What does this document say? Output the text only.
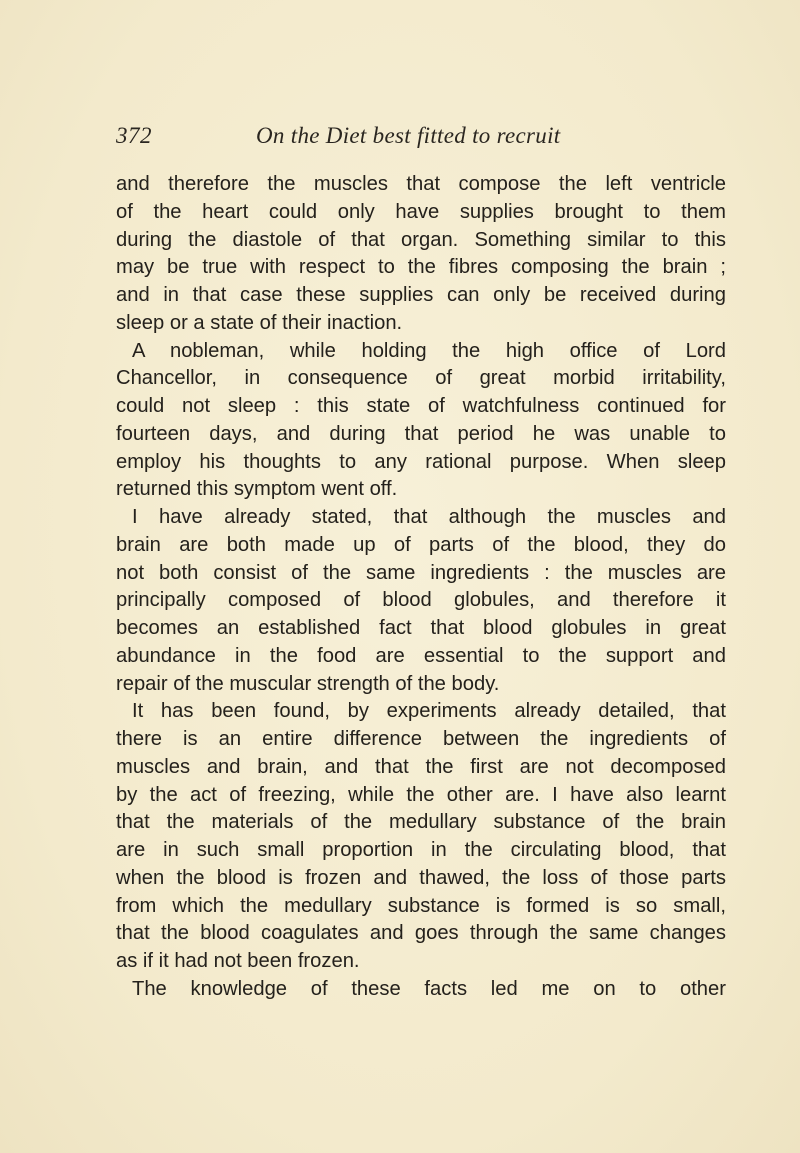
372	On the Diet best fitted to recruit
and therefore the muscles that compose the left ventricle
of the heart could only have supplies brought to them
during the diastole of that organ. Something similar to this
may be true with respect to the fibres composing the brain ;
and in that case these supplies can only be received during
sleep or a state of their inaction.
A nobleman, while holding the high office of Lord
Chancellor, in consequence of great morbid irritability,
could not sleep : this state of watchfulness continued for
fourteen days, and during that period he was unable to
employ his thoughts to any rational purpose. When sleep
returned this symptom went off.
I have already stated, that although the muscles and
brain are both made up of parts of the blood, they do
not both consist of the same ingredients : the muscles are
principally composed of blood globules, and therefore it
becomes an established fact that blood globules in great
abundance in the food are essential to the support and
repair of the muscular strength of the body.
It has been found, by experiments already detailed, that
there is an entire difference between the ingredients of
muscles and brain, and that the first are not decomposed
by the act of freezing, while the other are. I have also learnt
that the materials of the medullary substance of the brain
are in such small proportion in the circulating blood, that
when the blood is frozen and thawed, the loss of those parts
from which the medullary substance is formed is so small,
that the blood coagulates and goes through the same changes
as if it had not been frozen.
The knowledge of these facts led me on to other
